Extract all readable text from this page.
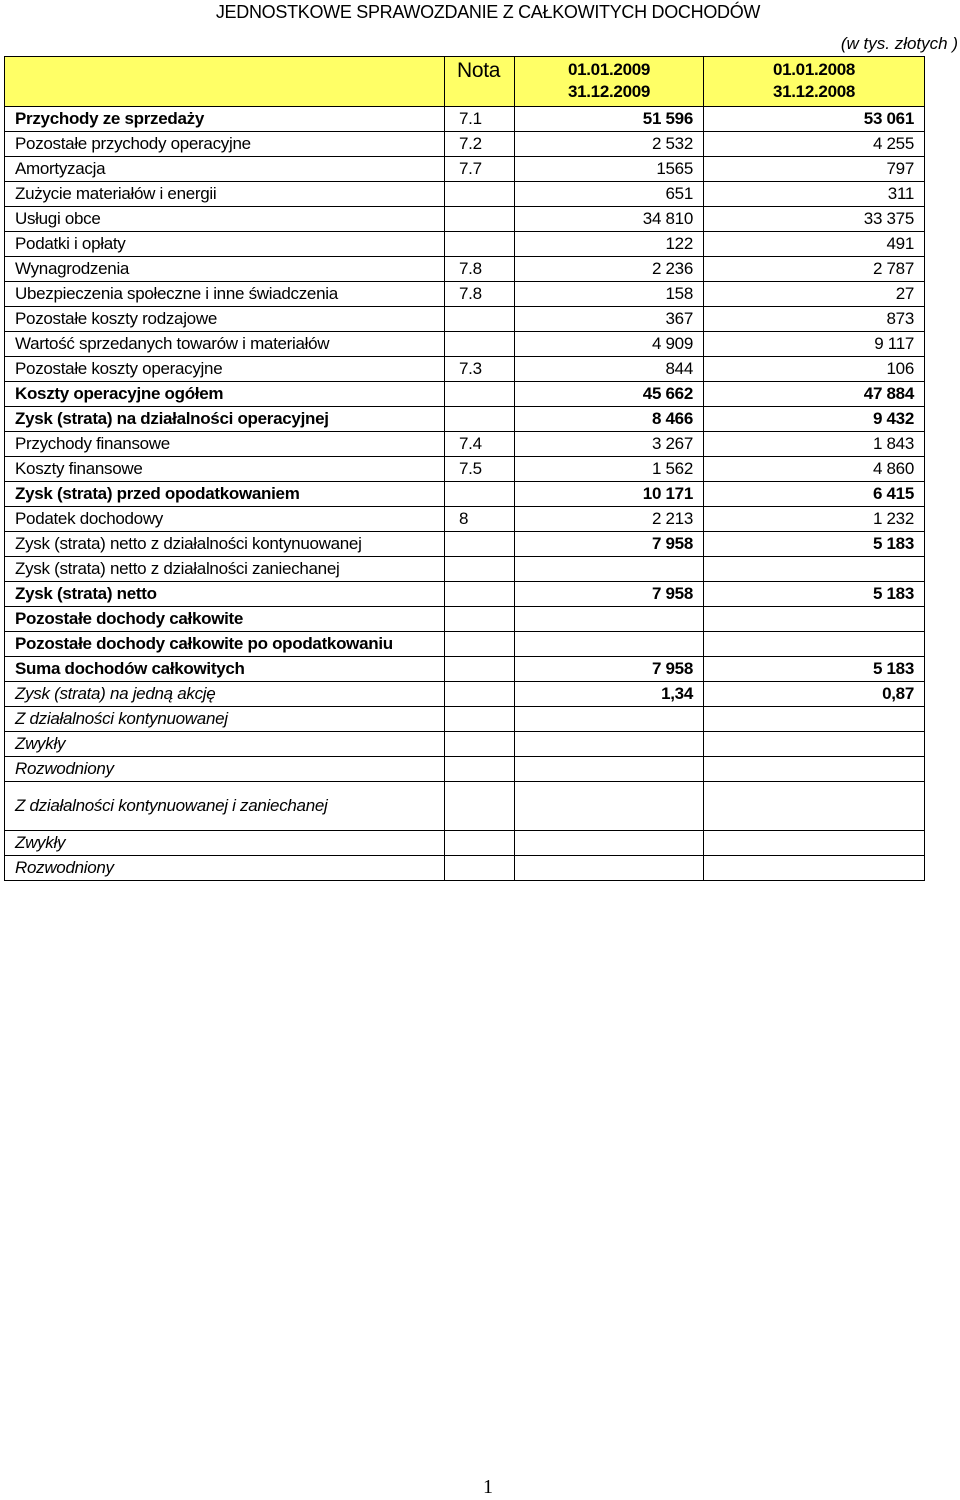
JEDNOSTKOWE SPRAWOZDANIE Z CAŁKOWITYCH DOCHODÓW
(w tys. złotych )
	Nota	01.01.2009 31.12.2009	01.01.2008 31.12.2008
Przychody ze sprzedaży	7.1	51 596	53 061
Pozostałe przychody operacyjne	7.2	2 532	4 255
Amortyzacja	7.7	1565	797
Zużycie materiałów i energii		651	311
Usługi obce		34 810	33 375
Podatki i opłaty		122	491
Wynagrodzenia	7.8	2 236	2 787
Ubezpieczenia społeczne i inne świadczenia	7.8	158	27
Pozostałe koszty rodzajowe		367	873
Wartość sprzedanych towarów i materiałów		4 909	9 117
Pozostałe koszty operacyjne	7.3	844	106
Koszty operacyjne ogółem		45 662	47 884
Zysk (strata) na działalności operacyjnej		8 466	9 432
Przychody finansowe	7.4	3 267	1 843
Koszty finansowe	7.5	1 562	4 860
Zysk (strata) przed opodatkowaniem		10 171	6 415
Podatek dochodowy	8	2 213	1 232
Zysk (strata) netto z działalności kontynuowanej		7 958	5 183
Zysk (strata) netto z działalności zaniechanej			
Zysk (strata) netto		7 958	5 183
Pozostałe dochody całkowite			
Pozostałe dochody całkowite po opodatkowaniu			
Suma dochodów całkowitych		7 958	5 183
Zysk (strata) na jedną akcję		1,34	0,87
Z działalności kontynuowanej			
Zwykły			
Rozwodniony			
Z działalności kontynuowanej i zaniechanej			
Zwykły			
Rozwodniony			
1
